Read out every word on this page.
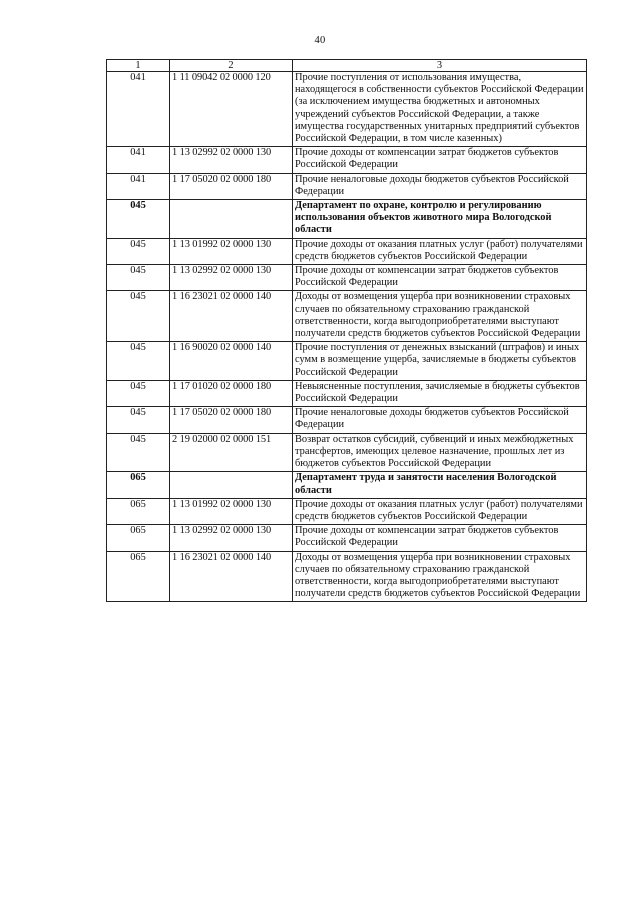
40
1	2	3
041	1 11 09042 02 0000 120	Прочие поступления от использования имущества, находящегося в собственности субъектов Российской Федерации (за исключением имущества бюджетных и автономных учреждений субъектов Российской Федерации, а также имущества государственных унитарных предприятий субъектов Российской Федерации, в том числе казенных)
041	1 13 02992 02 0000 130	Прочие доходы от компенсации затрат бюджетов субъектов Российской Федерации
041	1 17 05020 02 0000 180	Прочие неналоговые доходы бюджетов субъектов Российской Федерации
045		Департамент по охране, контролю и регулированию использования объектов животного мира Вологодской области
045	1 13 01992 02 0000 130	Прочие доходы от оказания платных услуг (работ) получателями средств бюджетов субъектов Российской Федерации
045	1 13 02992 02 0000 130	Прочие доходы от компенсации затрат бюджетов субъектов Российской Федерации
045	1 16 23021 02 0000 140	Доходы от возмещения ущерба при возникновении страховых случаев по обязательному страхованию гражданской ответственности, когда выгодоприобретателями выступают получатели средств бюджетов субъектов Российской Федерации
045	1 16 90020 02 0000 140	Прочие поступления от денежных взысканий (штрафов) и иных сумм в возмещение ущерба, зачисляемые в бюджеты субъектов Российской Федерации
045	1 17 01020 02 0000 180	Невыясненные поступления, зачисляемые в бюджеты субъектов Российской Федерации
045	1 17 05020 02 0000 180	Прочие неналоговые доходы бюджетов субъектов Российской Федерации
045	2 19 02000 02 0000 151	Возврат остатков субсидий, субвенций и иных межбюджетных трансфертов, имеющих целевое назначение, прошлых лет из бюджетов субъектов Российской Федерации
065		Департамент труда и занятости населения Вологодской области
065	1 13 01992 02 0000 130	Прочие доходы от оказания платных услуг (работ) получателями средств бюджетов субъектов Российской Федерации
065	1 13 02992 02 0000 130	Прочие доходы от компенсации затрат бюджетов субъектов Российской Федерации
065	1 16 23021 02 0000 140	Доходы от возмещения ущерба при возникновении страховых случаев по обязательному страхованию гражданской ответственности, когда выгодоприобретателями выступают получатели средств бюджетов субъектов Российской Федерации
